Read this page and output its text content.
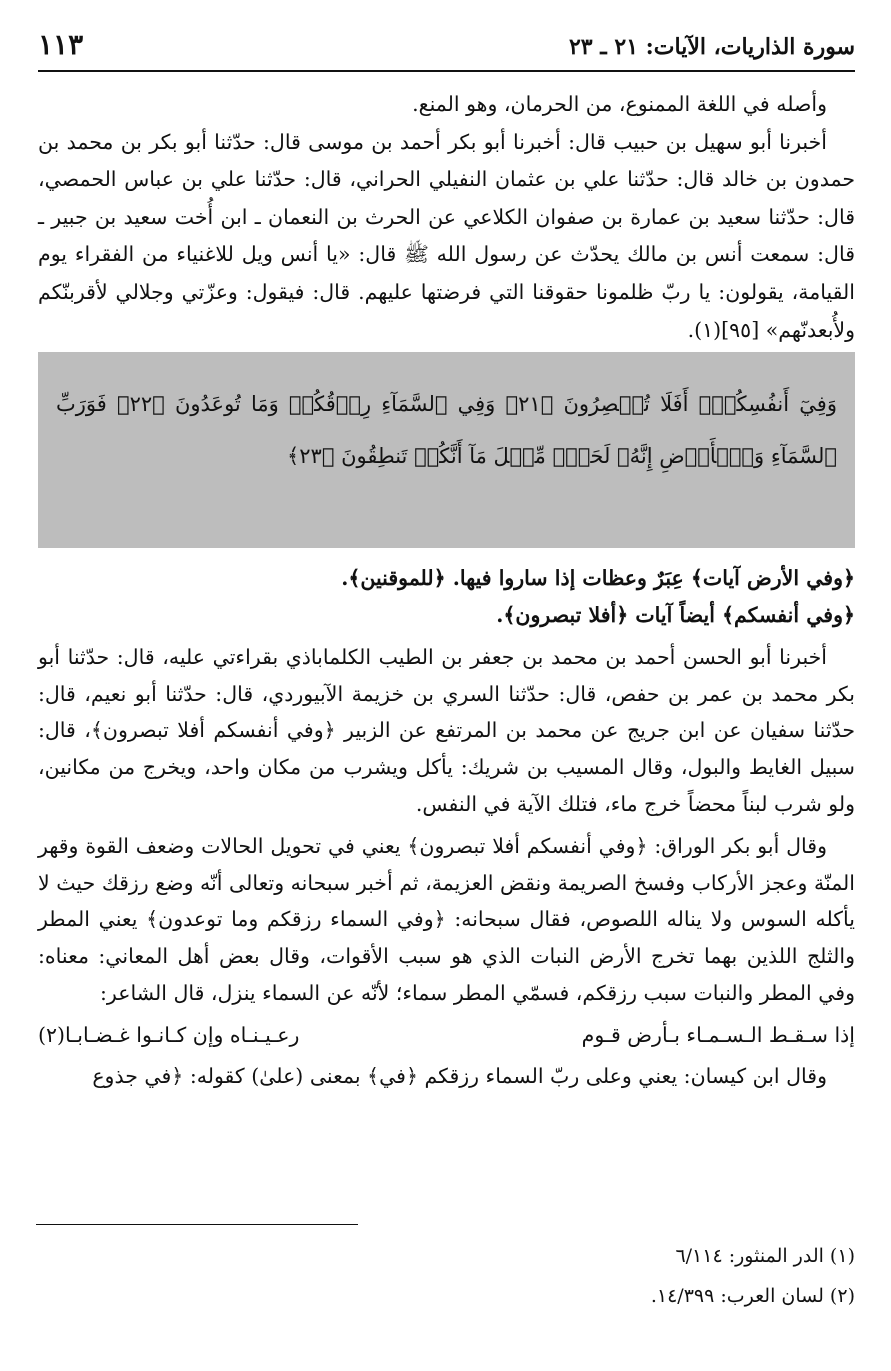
سورة الذاريات، الآيات: ٢١ ـ ٢٣
١١٣

وأصله في اللغة الممنوع، من الحرمان، وهو المنع.

أخبرنا أبو سهيل بن حبيب قال: أخبرنا أبو بكر أحمد بن موسى قال: حدّثنا أبو بكر بن محمد بن حمدون بن خالد قال: حدّثنا علي بن عثمان النفيلي الحراني، قال: حدّثنا علي بن عباس الحمصي، قال: حدّثنا سعيد بن عمارة بن صفوان الكلاعي عن الحرث بن النعمان ـ ابن أُخت سعيد بن جبير ـ قال: سمعت أنس بن مالك يحدّث عن رسول الله ﷺ قال: «يا أنس ويل للاغنياء من الفقراء يوم القيامة، يقولون: يا ربّ ظلمونا حقوقنا التي فرضتها عليهم. قال: فيقول: وعزّتي وجلالي لأقربنّكم ولأُبعدنّهم» [٩٥](١).

وَفِيٓ أَنفُسِكُمۡۚ أَفَلَا تُبۡصِرُونَ ﴿٢١﴾ وَفِي ٱلسَّمَآءِ رِزۡقُكُمۡ وَمَا تُوعَدُونَ ﴿٢٢﴾ فَوَرَبِّ ٱلسَّمَآءِ وَٱلۡأَرۡضِ إِنَّهُۥ لَحَقّٞ مِّثۡلَ مَآ أَنَّكُمۡ تَنطِقُونَ ﴿٢٣﴾

﴿وفي الأرض آيات﴾ عِبَرٌ وعظات إذا ساروا فيها. ﴿للموقنين﴾.

﴿وفي أنفسكم﴾ أيضاً آيات ﴿أفلا تبصرون﴾.

أخبرنا أبو الحسن أحمد بن محمد بن جعفر بن الطيب الكلماباذي بقراءتي عليه، قال: حدّثنا أبو بكر محمد بن عمر بن حفص، قال: حدّثنا السري بن خزيمة الآبيوردي، قال: حدّثنا أبو نعيم، قال: حدّثنا سفيان عن ابن جريج عن محمد بن المرتفع عن الزبير ﴿وفي أنفسكم أفلا تبصرون﴾، قال: سبيل الغايط والبول، وقال المسيب بن شريك: يأكل ويشرب من مكان واحد، ويخرج من مكانين، ولو شرب لبناً محضاً خرج ماء، فتلك الآية في النفس.

وقال أبو بكر الوراق: ﴿وفي أنفسكم أفلا تبصرون﴾ يعني في تحويل الحالات وضعف القوة وقهر المنّة وعجز الأركاب وفسخ الصريمة ونقض العزيمة، ثم أخبر سبحانه وتعالى أنّه وضع رزقك حيث لا يأكله السوس ولا يناله اللصوص، فقال سبحانه: ﴿وفي السماء رزقكم وما توعدون﴾ يعني المطر والثلج اللذين بهما تخرج الأرض النبات الذي هو سبب الأقوات، وقال بعض أهل المعاني: معناه: وفي المطر والنبات سبب رزقكم، فسمّي المطر سماء؛ لأنّه عن السماء ينزل، قال الشاعر:

إذا سـقـط الـسـمـاء بـأرض قـوم
رعـيـنـاه وإن كـانـوا غـضـابـا(٢)

وقال ابن كيسان: يعني وعلى ربّ السماء رزقكم ﴿في﴾ بمعنى (علىٰ) كقوله: ﴿في جذوع

(١) الدر المنثور: ٦/١١٤

(٢) لسان العرب: ١٤/٣٩٩.
